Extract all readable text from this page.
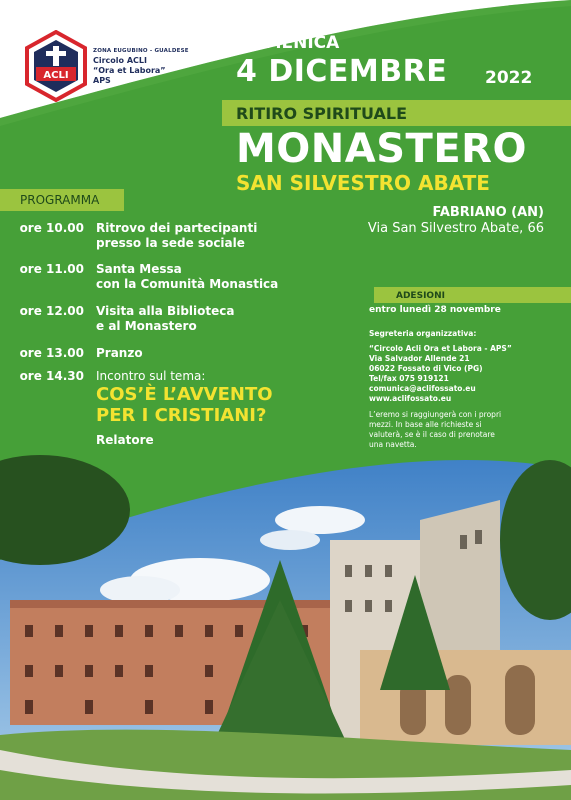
ACLI
ZONA EUGUBINO - GUALDESE
Circolo ACLI
“Ora et Labora”
APS
DOMENICA
4 DICEMBRE 2022
RITIRO SPIRITUALE
MONASTERO
SAN SILVESTRO ABATE
FABRIANO (AN)
Via San Silvestro Abate, 66
PROGRAMMA
ore 10.00 Ritrovo dei partecipanti
presso la sede sociale
ore 11.00 Santa Messa
con la Comunità Monastica
ore 12.00 Visita alla Biblioteca
e al Monastero
ore 13.00 Pranzo
ore 14.30 Incontro sul tema:
COS’È L’AVVENTO
PER I CRISTIANI?
Relatore

ADESIONI
entro lunedì 28 novembre
Segreteria organizzativa:
“Circolo Acli Ora et Labora - APS”
Via Salvador Allende 21
06022 Fossato di Vico (PG)
Tel/fax 075 919121
comunica@aclifossato.eu
www.aclifossato.eu
L’eremo si raggiungerà con i propri
mezzi. In base alle richieste si
valuterà, se è il caso di prenotare
una navetta.
